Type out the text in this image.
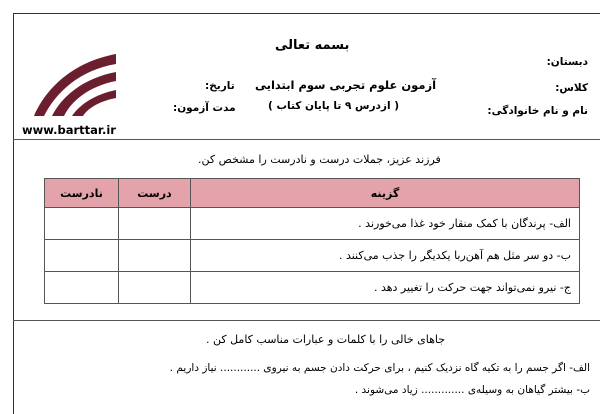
www.barttar.ir
بسمه تعالی
دبستان:
کلاس:
نام و نام خانوادگی:
آزمون علوم تجربی سوم ابتدایی
( ازدرس ۹ تا پایان کتاب )
تاریخ:
مدت آزمون:
فرزند عزیز، جملات درست و نادرست را مشخص کن.
گزینه	درست	نادرست
الف- پرندگان با کمک منقار خود غذا می‌خورند .		
ب- دو سر مثل هم آهن‌ربا یکدیگر را جذب می‌کنند .		
ج- نیرو نمی‌تواند جهت حرکت را تغییر دهد .		
جاهای خالی را با کلمات و عبارات مناسب کامل کن .
الف- اگر جسم را به تکیه گاه نزدیک کنیم ، برای حرکت دادن جسم به نیروی ............ نیاز داریم .
ب- بیشتر گیاهان به وسیله‌ی ............. زیاد می‌شوند .
